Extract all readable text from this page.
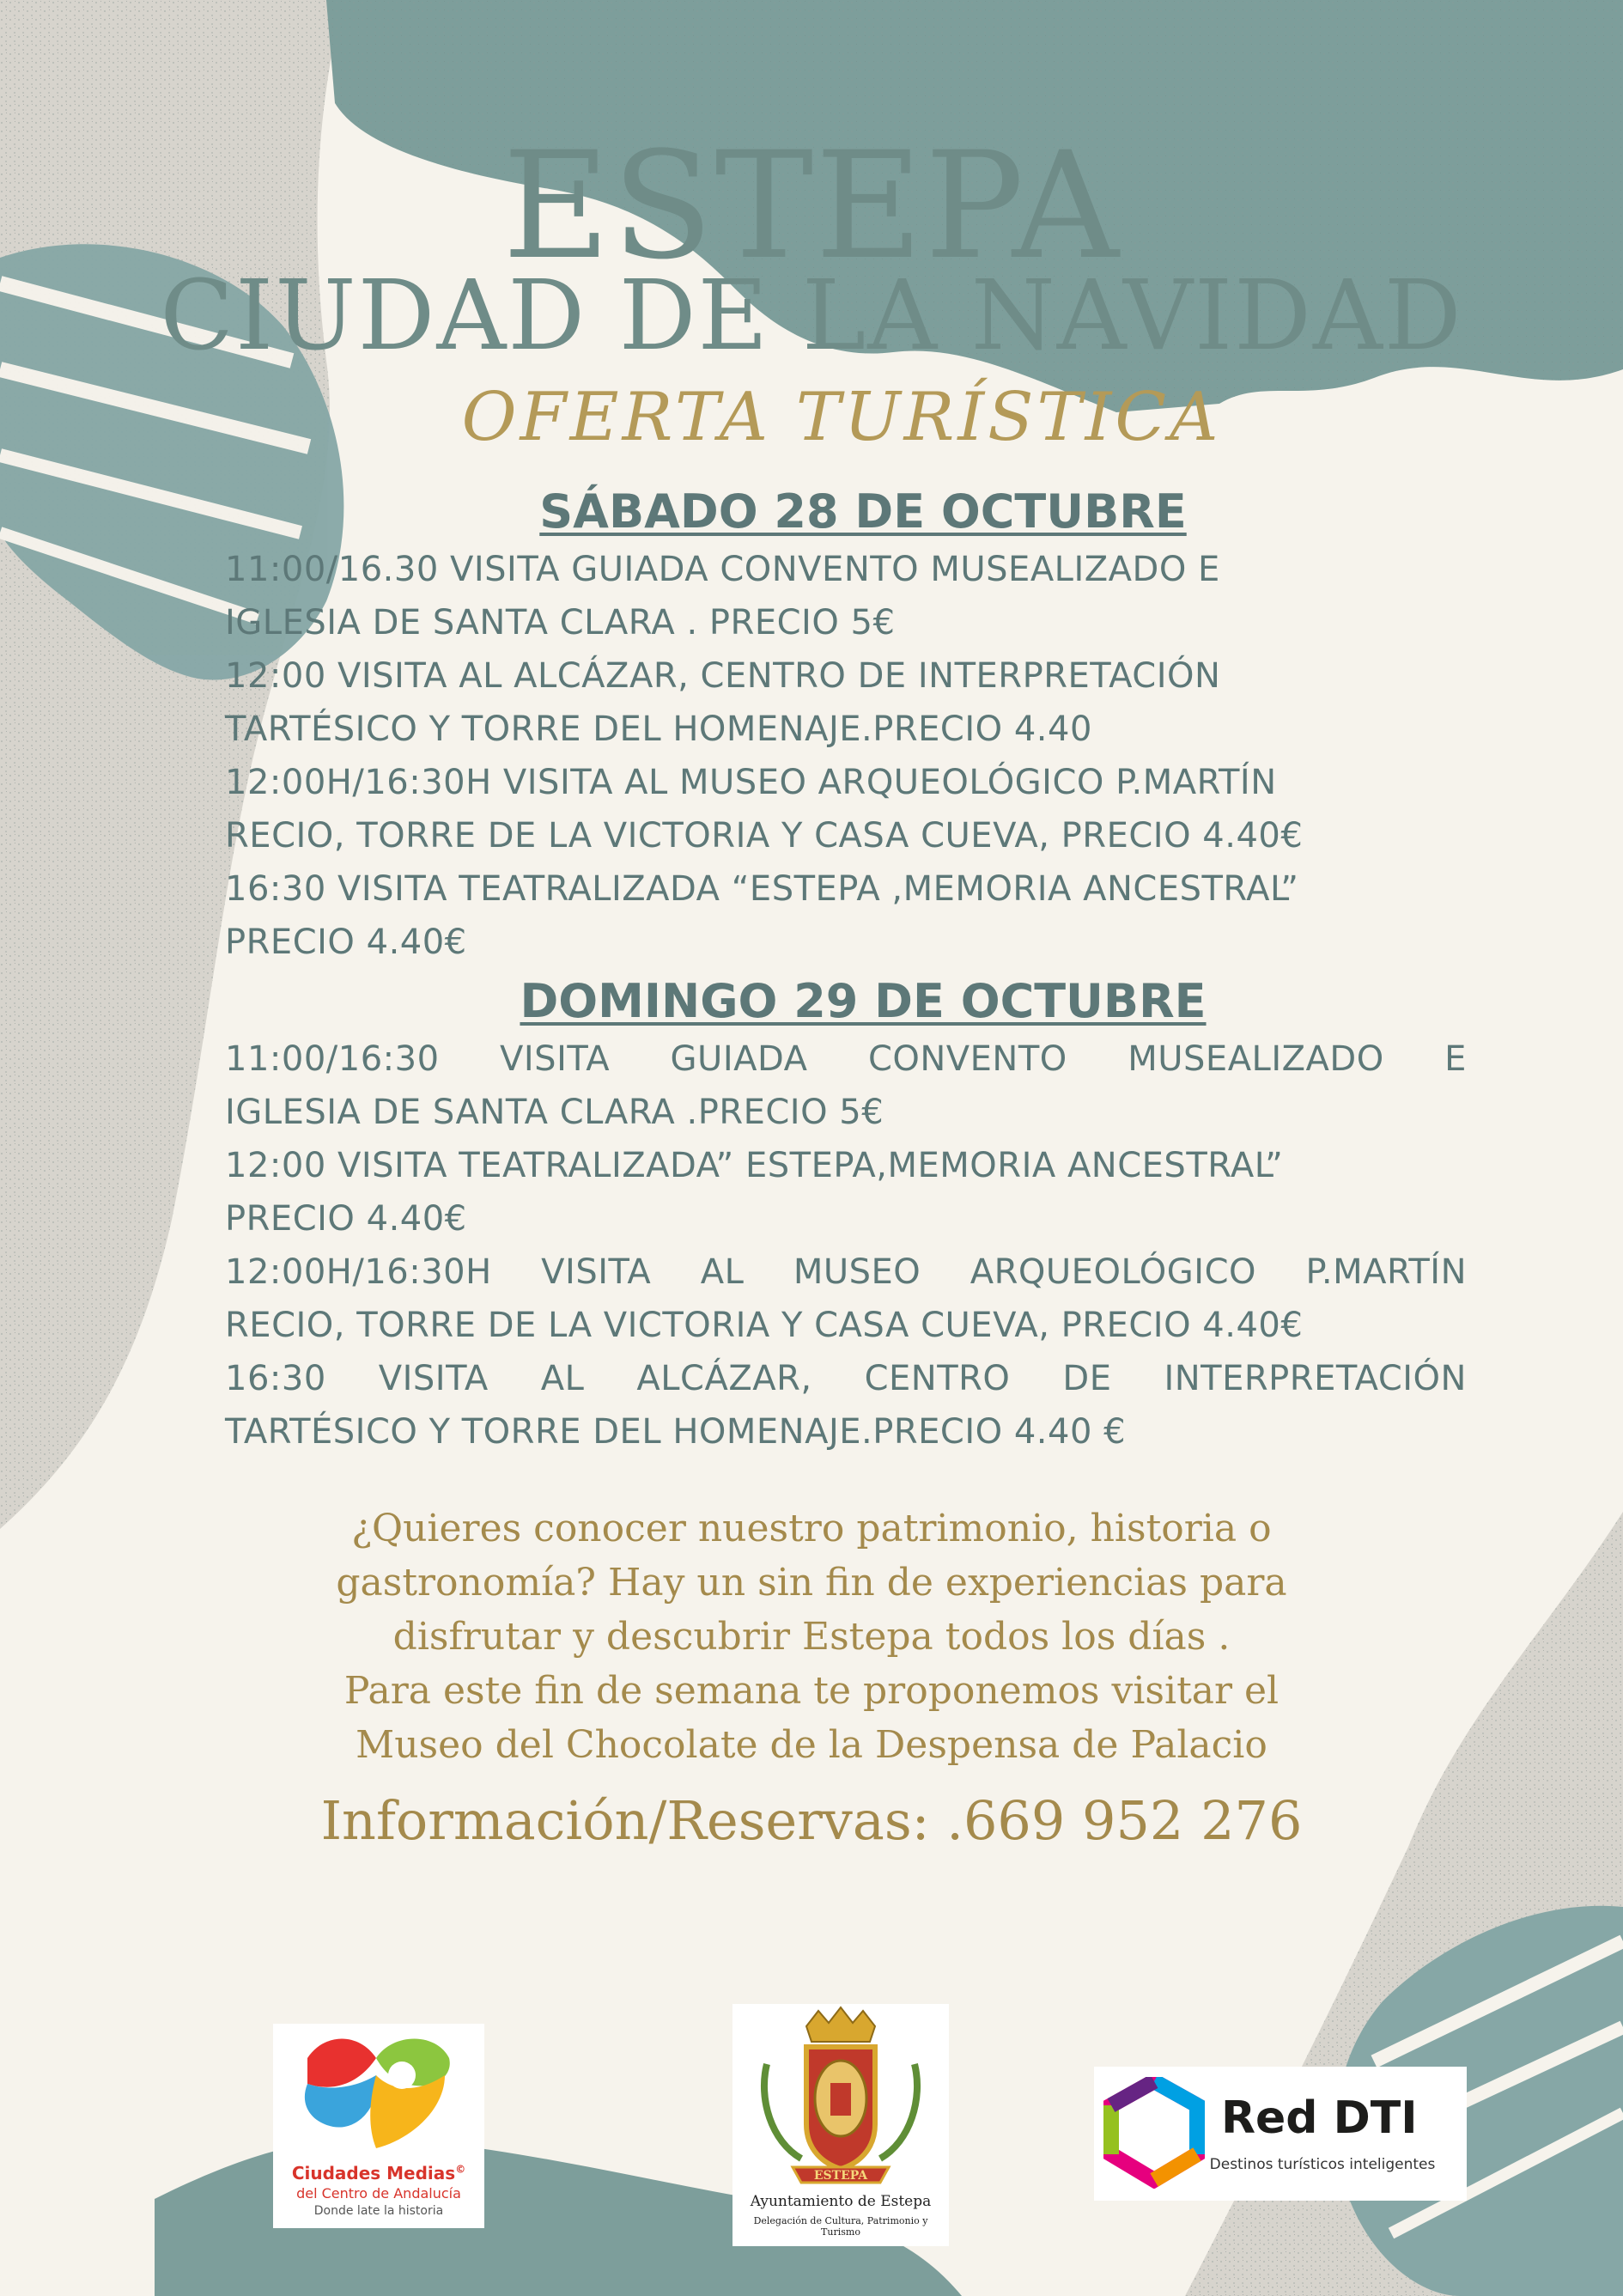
ESTEPA
CIUDAD DE LA NAVIDAD
OFERTA TURÍSTICA
SÁBADO 28 DE OCTUBRE
11:00/16.30 VISITA GUIADA CONVENTO MUSEALIZADO E
IGLESIA DE SANTA CLARA . PRECIO 5€
12:00 VISITA AL ALCÁZAR, CENTRO DE INTERPRETACIÓN
TARTÉSICO Y TORRE DEL HOMENAJE.PRECIO 4.40
12:00H/16:30H VISITA AL MUSEO ARQUEOLÓGICO P.MARTÍN
RECIO, TORRE DE LA VICTORIA Y CASA CUEVA, PRECIO 4.40€
16:30 VISITA TEATRALIZADA “ESTEPA ,MEMORIA ANCESTRAL”
PRECIO 4.40€
DOMINGO 29 DE OCTUBRE
11:00/16:30 VISITA GUIADA CONVENTO MUSEALIZADO E
IGLESIA DE SANTA CLARA .PRECIO 5€
12:00 VISITA TEATRALIZADA” ESTEPA,MEMORIA ANCESTRAL”
PRECIO 4.40€
12:00H/16:30H VISITA AL MUSEO ARQUEOLÓGICO P.MARTÍN
RECIO, TORRE DE LA VICTORIA Y CASA CUEVA, PRECIO 4.40€
16:30 VISITA AL ALCÁZAR, CENTRO DE INTERPRETACIÓN
TARTÉSICO Y TORRE DEL HOMENAJE.PRECIO 4.40 €
¿Quieres conocer nuestro patrimonio, historia o
gastronomía? Hay un sin fin de experiencias para
disfrutar y descubrir Estepa todos los días .
Para este fin de semana te proponemos visitar el
Museo del Chocolate de la Despensa de Palacio
Información/Reservas: .669 952 276
Ciudades Medias©
del Centro de Andalucía
Donde late la historia
ESTEPA
Ayuntamiento de Estepa
Delegación de Cultura, Patrimonio y Turismo
Red DTI
Destinos turísticos inteligentes
